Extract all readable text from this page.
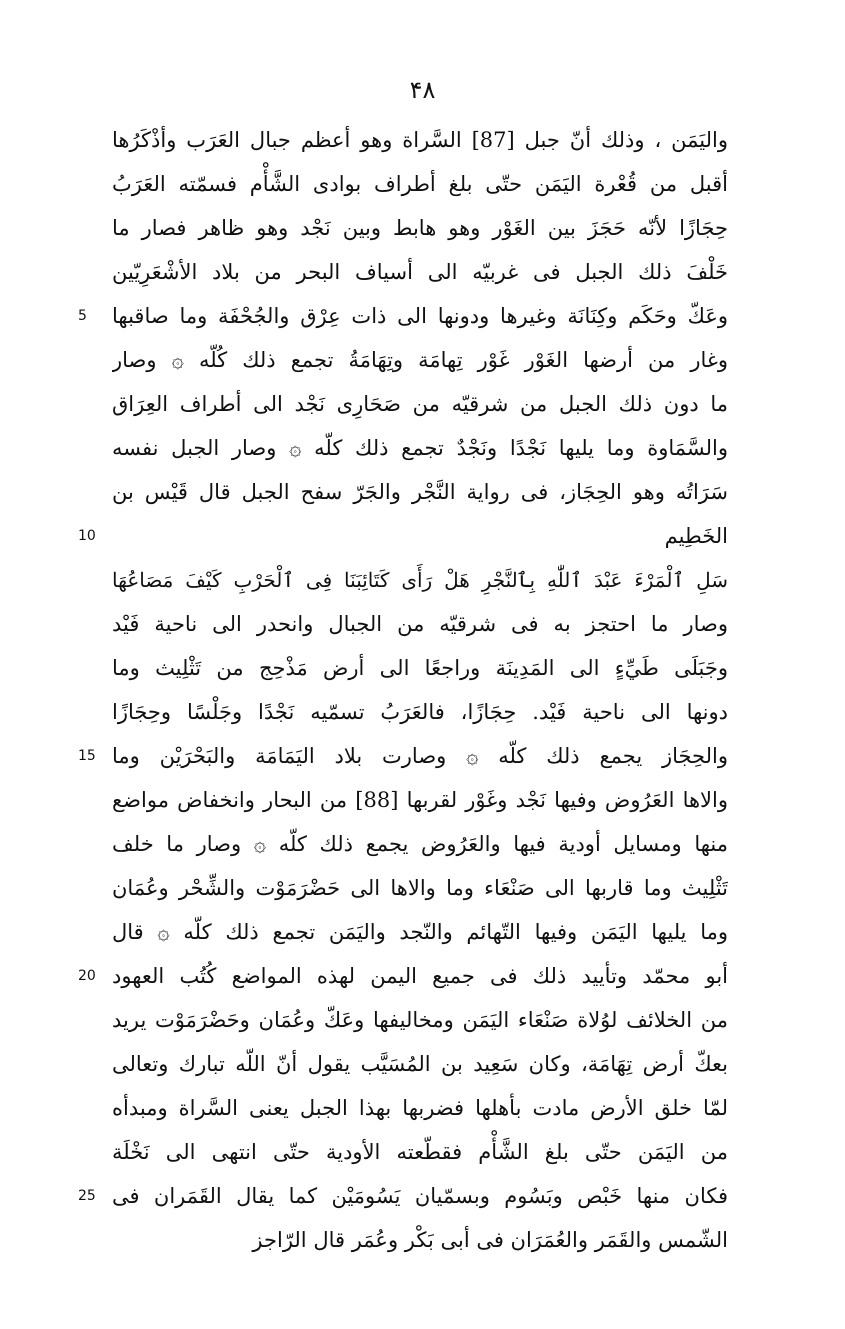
۴۸
واليَمَن ، وذلك أنّ جبل [87] السَّراة وهو أعظم جبال العَرَب وأذْكَرُها
أقبل من قُعْرة اليَمَن حتّى بلغ أطراف بوادى الشَّأْم فسمّته العَرَبُ
حِجَازًا لأنّه حَجَزَ بين الغَوْر وهو هابط وبين نَجْد وهو ظاهر فصار ما
خَلْفَ ذلك الجبل فى غربيّه الى أسياف البحر من بلاد الأشْعَرِيّين
وعَكّ وحَكَم وكِنَانَة وغيرها ودونها الى ذات عِرْق والجُحْفَة وما صاقبها
وغار من أرضها الغَوْر غَوْر تِهامَة وتِهَامَةُ تجمع ذلك كُلّه ۞ وصار
ما دون ذلك الجبل من شرقيّه من صَحَارِى نَجْد الى أطراف العِرَاق
والسَّمَاوة وما يليها نَجْدًا ونَجْدٌ تجمع ذلك كلّه ۞ وصار الجبل نفسه
سَرَاتُه وهو الحِجَاز، فى رواية النَّجْر والجَرّ سفح الجبل قال قَيْس بن
الخَطِيم
سَلِ ٱلْمَرْءَ عَبْدَ ٱللّٰهِ بِٱلنَّجْرِ هَلْ رَأَى كَتَائِبَنَا فِى ٱلْحَرْبِ كَيْفَ مَصَاعُهَا
وصار ما احتجز به فى شرقيّه من الجبال وانحدر الى ناحية فَيْد
وجَبَلَى طَيِّءٍ الى المَدِينَة وراجعًا الى أرض مَذْحِج من تَثْلِيث وما
دونها الى ناحية فَيْد. حِجَازًا، فالعَرَبُ تسمّيه نَجْدًا وجَلْسًا وحِجَازًا
والحِجَاز يجمع ذلك كلّه ۞ وصارت بلاد اليَمَامَة والبَحْرَيْن وما
والاها العَرُوض وفيها نَجْد وغَوْر لقربها [88] من البحار وانخفاض مواضع
منها ومسايل أودية فيها والعَرُوض يجمع ذلك كلّه ۞ وصار ما خلف
تَثْلِيث وما قاربها الى صَنْعَاء وما والاها الى حَضْرَمَوْت والشِّحْر وعُمَان
وما يليها اليَمَن وفيها التّهائم والنّجد واليَمَن تجمع ذلك كلّه ۞ قال
أبو محمّد وتأييد ذلك فى جميع اليمن لهذه المواضع كُتُب العهود
من الخلائف لوُلاة صَنْعَاء اليَمَن ومخاليفها وعَكّ وعُمَان وحَضْرَمَوْت يريد
بعكّ أرض تِهَامَة، وكان سَعِيد بن المُسَيَّب يقول أنّ اللّه تبارك وتعالى
لمّا خلق الأرض مادت بأهلها فضربها بهذا الجبل يعنى السَّراة ومبدأه
من اليَمَن حتّى بلغ الشَّأْم فقطّعته الأودية حتّى انتهى الى نَخْلَة
فكان منها خَبْص وبَسُوم وبسمّيان يَسُومَيْن كما يقال القَمَران فى
الشّمس والقَمَر والعُمَرَان فى أبى بَكْر وعُمَر قال الرّاجز
5
10
15
20
25
